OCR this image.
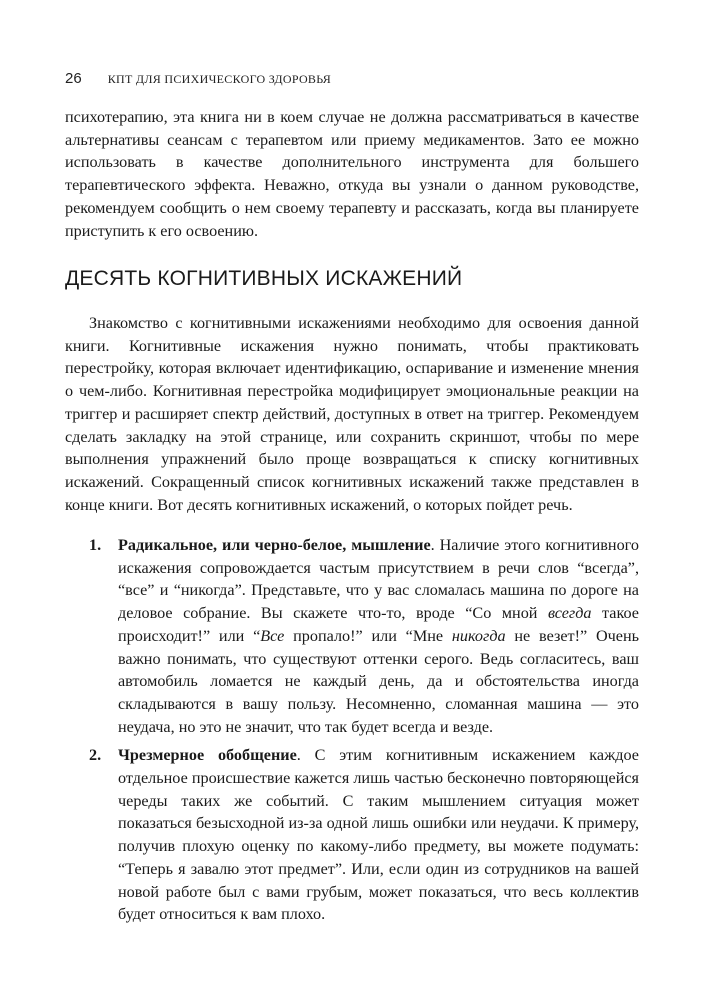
26 КПТ ДЛЯ ПСИХИЧЕСКОГО ЗДОРОВЬЯ

психотерапию, эта книга ни в коем случае не должна рассматриваться в качестве альтернативы сеансам с терапевтом или приему медикаментов. Зато ее можно использовать в качестве дополнительного инструмента для большего терапевтического эффекта. Неважно, откуда вы узнали о данном руководстве, рекомендуем сообщить о нем своему терапевту и рассказать, когда вы планируете приступить к его освоению.

ДЕСЯТЬ КОГНИТИВНЫХ ИСКАЖЕНИЙ

Знакомство с когнитивными искажениями необходимо для освоения данной книги. Когнитивные искажения нужно понимать, чтобы практиковать перестройку, которая включает идентификацию, оспаривание и изменение мнения о чем-либо. Когнитивная перестройка модифицирует эмоциональные реакции на триггер и расширяет спектр действий, доступных в ответ на триггер. Рекомендуем сделать закладку на этой странице, или сохранить скриншот, чтобы по мере выполнения упражнений было проще возвращаться к списку когнитивных искажений. Сокращенный список когнитивных искажений также представлен в конце книги. Вот десять когнитивных искажений, о которых пойдет речь.

1. Радикальное, или черно-белое, мышление. Наличие этого когнитивного искажения сопровождается частым присутствием в речи слов “всегда”, “все” и “никогда”. Представьте, что у вас сломалась машина по дороге на деловое собрание. Вы скажете что-то, вроде “Со мной всегда такое происходит!” или “Все пропало!” или “Мне никогда не везет!” Очень важно понимать, что существуют оттенки серого. Ведь согласитесь, ваш автомобиль ломается не каждый день, да и обстоятельства иногда складываются в вашу пользу. Несомненно, сломанная машина — это неудача, но это не значит, что так будет всегда и везде.
2. Чрезмерное обобщение. С этим когнитивным искажением каждое отдельное происшествие кажется лишь частью бесконечно повторяющейся череды таких же событий. С таким мышлением ситуация может показаться безысходной из-за одной лишь ошибки или неудачи. К примеру, получив плохую оценку по какому-либо предмету, вы можете подумать: “Теперь я завалю этот предмет”. Или, если один из сотрудников на вашей новой работе был с вами грубым, может показаться, что весь коллектив будет относиться к вам плохо.
